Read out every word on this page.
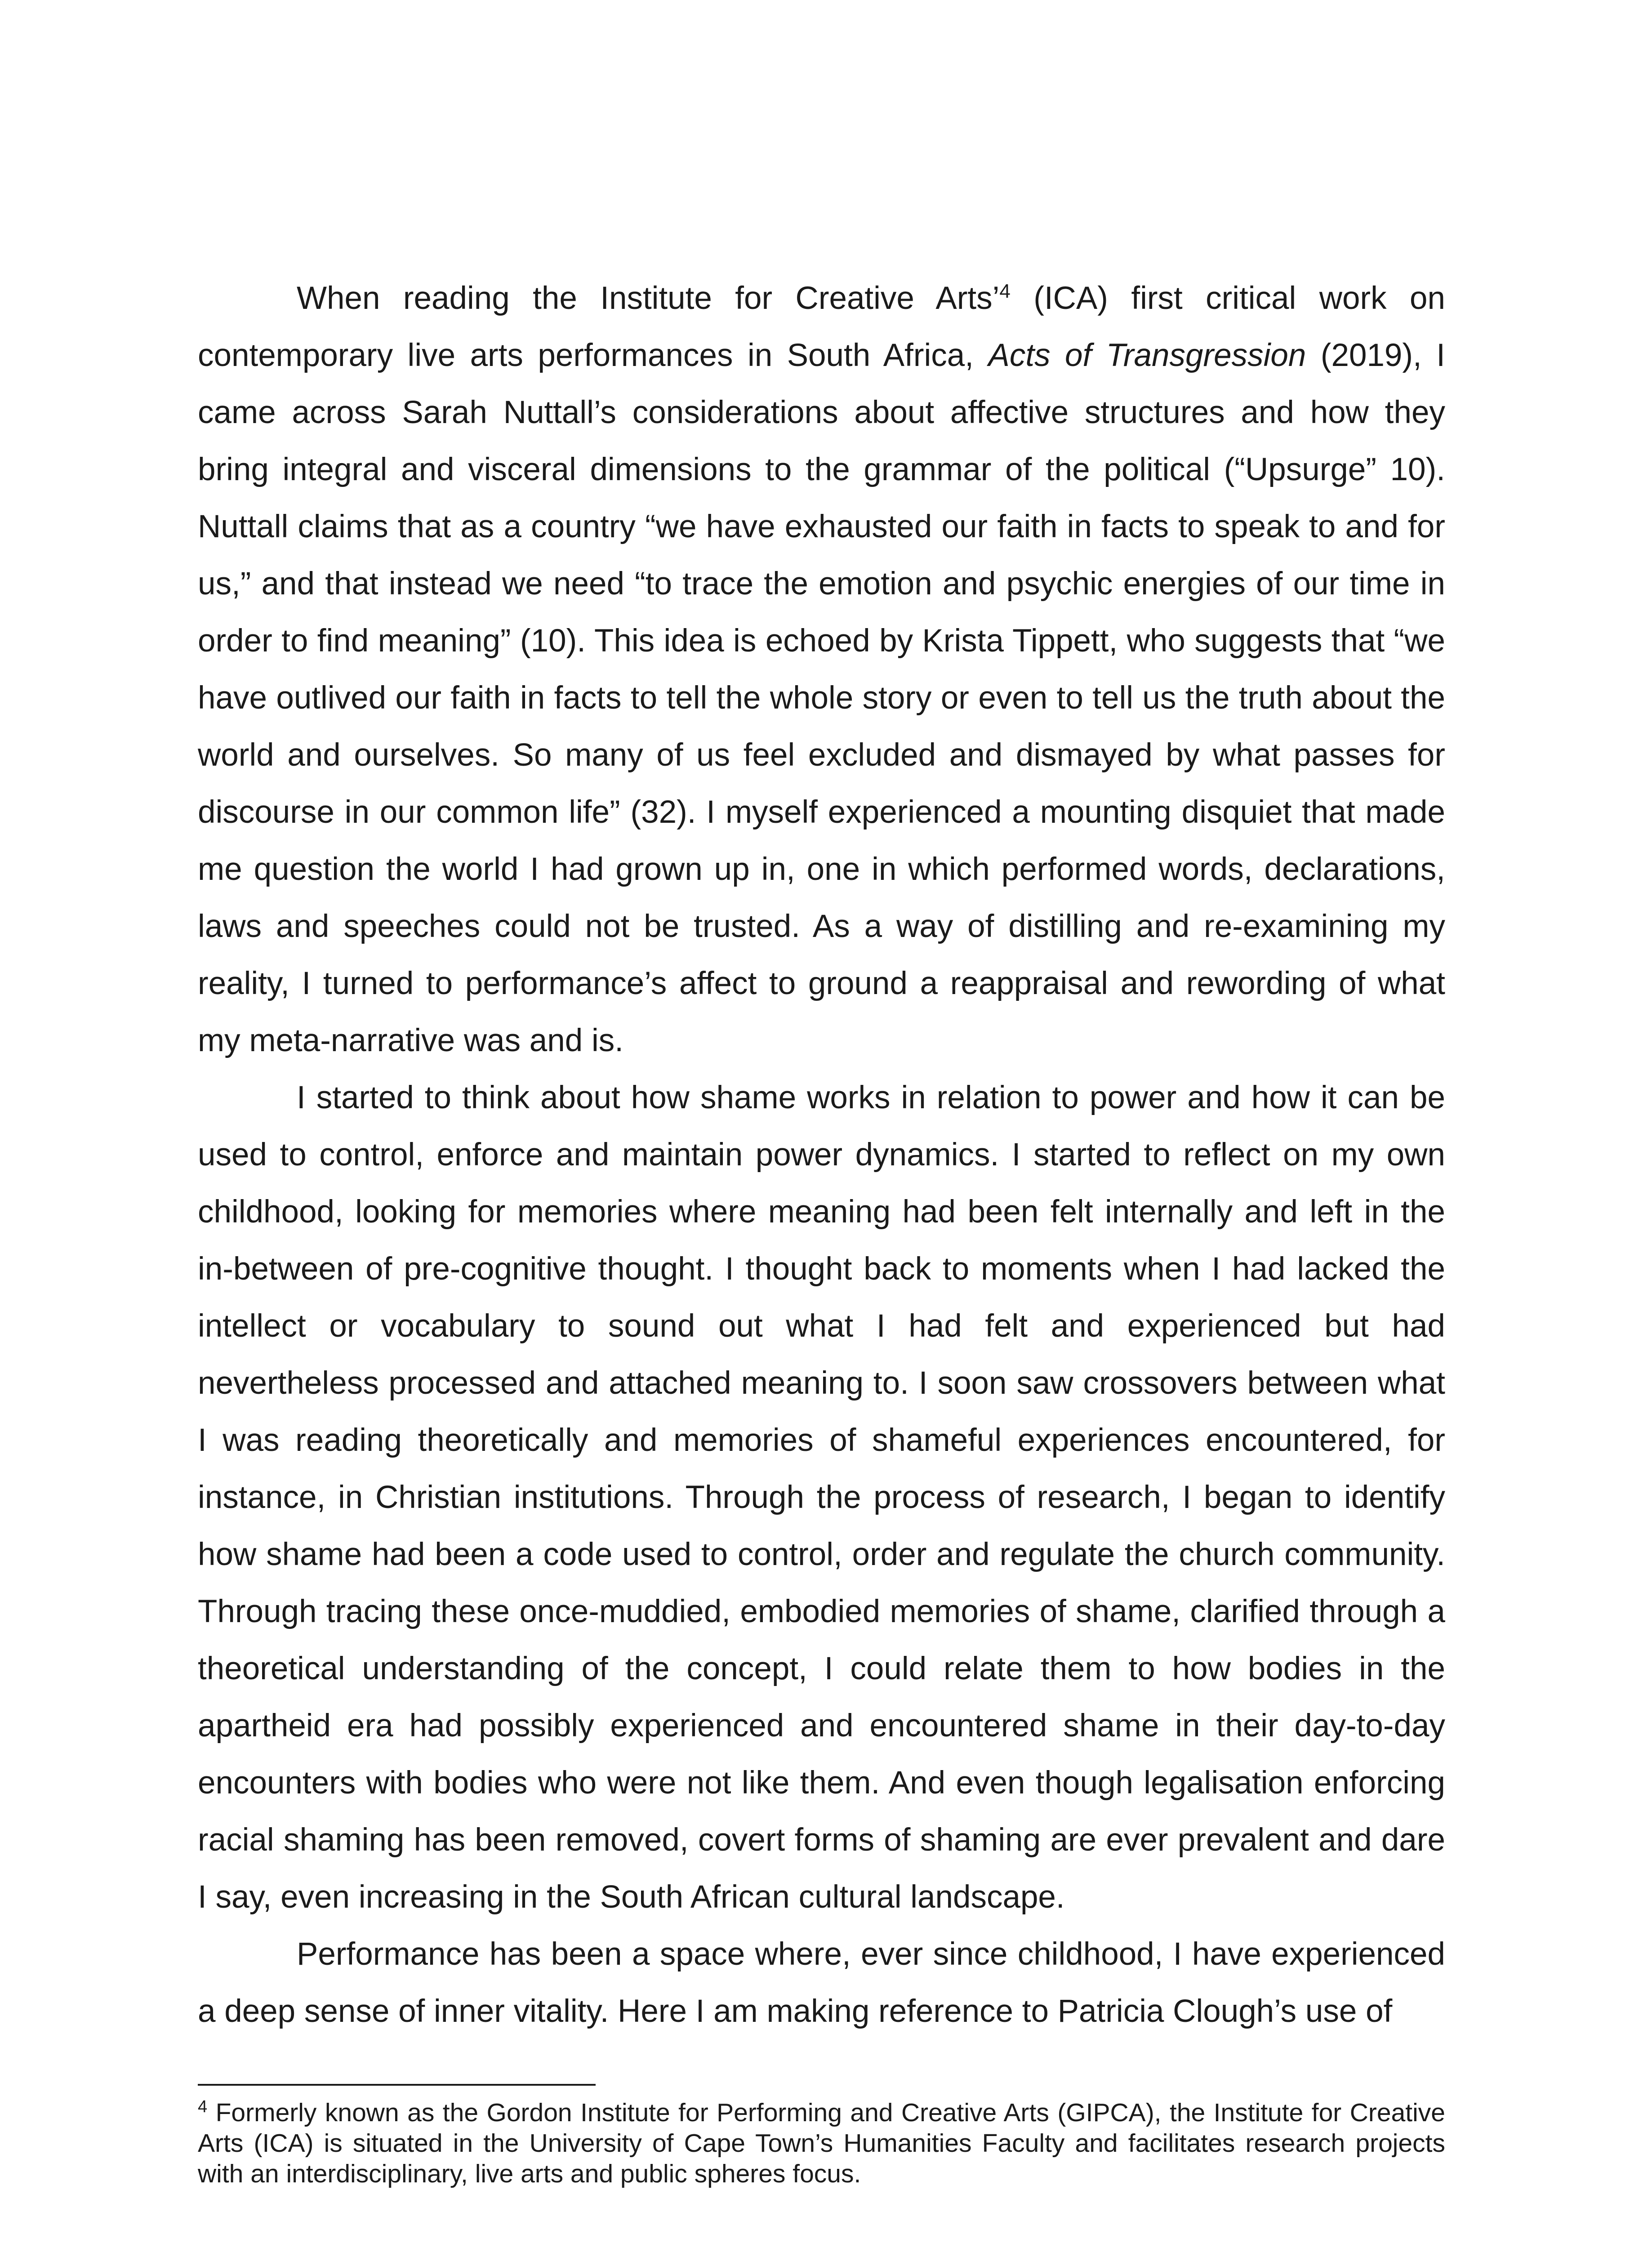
When reading the Institute for Creative Arts’$^4$ (ICA) first critical work on contemporary live arts performances in South Africa, Acts of Transgression (2019), I came across Sarah Nuttall’s considerations about affective structures and how they bring integral and visceral dimensions to the grammar of the political (“Upsurge” 10). Nuttall claims that as a country “we have exhausted our faith in facts to speak to and for us,” and that instead we need “to trace the emotion and psychic energies of our time in order to find meaning” (10). This idea is echoed by Krista Tippett, who suggests that “we have outlived our faith in facts to tell the whole story or even to tell us the truth about the world and ourselves. So many of us feel excluded and dismayed by what passes for discourse in our common life” (32). I myself experienced a mounting disquiet that made me question the world I had grown up in, one in which performed words, declarations, laws and speeches could not be trusted. As a way of distilling and re-examining my reality, I turned to performance’s affect to ground a reappraisal and rewording of what my meta-narrative was and is.

I started to think about how shame works in relation to power and how it can be used to control, enforce and maintain power dynamics. I started to reflect on my own childhood, looking for memories where meaning had been felt internally and left in the in-between of pre-cognitive thought. I thought back to moments when I had lacked the intellect or vocabulary to sound out what I had felt and experienced but had nevertheless processed and attached meaning to. I soon saw crossovers between what I was reading theoretically and memories of shameful experiences encountered, for instance, in Christian institutions. Through the process of research, I began to identify how shame had been a code used to control, order and regulate the church community. Through tracing these once-muddied, embodied memories of shame, clarified through a theoretical understanding of the concept, I could relate them to how bodies in the apartheid era had possibly experienced and encountered shame in their day-to-day encounters with bodies who were not like them. And even though legalisation enforcing racial shaming has been removed, covert forms of shaming are ever prevalent and dare I say, even increasing in the South African cultural landscape.

Performance has been a space where, ever since childhood, I have experienced a deep sense of inner vitality. Here I am making reference to Patricia Clough’s use of

$^4$ Formerly known as the Gordon Institute for Performing and Creative Arts (GIPCA), the Institute for Creative Arts (ICA) is situated in the University of Cape Town’s Humanities Faculty and facilitates research projects with an interdisciplinary, live arts and public spheres focus.
